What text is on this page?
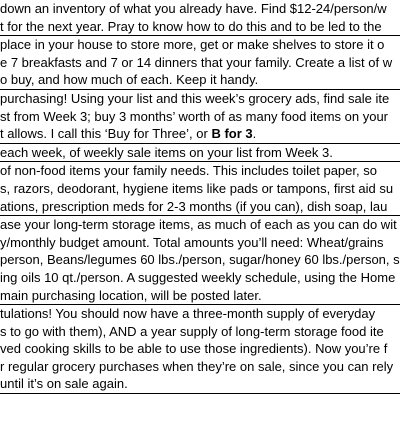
down an inventory of what you already have. Find $12-24/person/w
t for the next year. Pray to know how to do this and to be led to the
place in your house to store more, get or make shelves to store it o
e 7 breakfasts and 7 or 14 dinners that your family. Create a list of w
o buy, and how much of each. Keep it handy.
purchasing! Using your list and this week’s grocery ads, find sale ite
st from Week 3; buy 3 months’ worth of as many food items on your
t allows. I call this ‘Buy for Three’, or B for 3.
each week, of weekly sale items on your list from Week 3.
of non-food items your family needs. This includes toilet paper, so
s, razors, deodorant, hygiene items like pads or tampons, first aid su
ations, prescription meds for 2-3 months (if you can), dish soap, lau
ase your long-term storage items, as much of each as you can do wit
y/monthly budget amount. Total amounts you’ll need: Wheat/grains
person, Beans/legumes 60 lbs./person, sugar/honey 60 lbs./person, s
ing oils 10 qt./person. A suggested weekly schedule, using the Home
main purchasing location, will be posted later.
tulations! You should now have a three-month supply of everyday
s to go with them), AND a year supply of long-term storage food ite
ved cooking skills to be able to use those ingredients). Now you’re f
r regular grocery purchases when they’re on sale, since you can rely
until it’s on sale again.
